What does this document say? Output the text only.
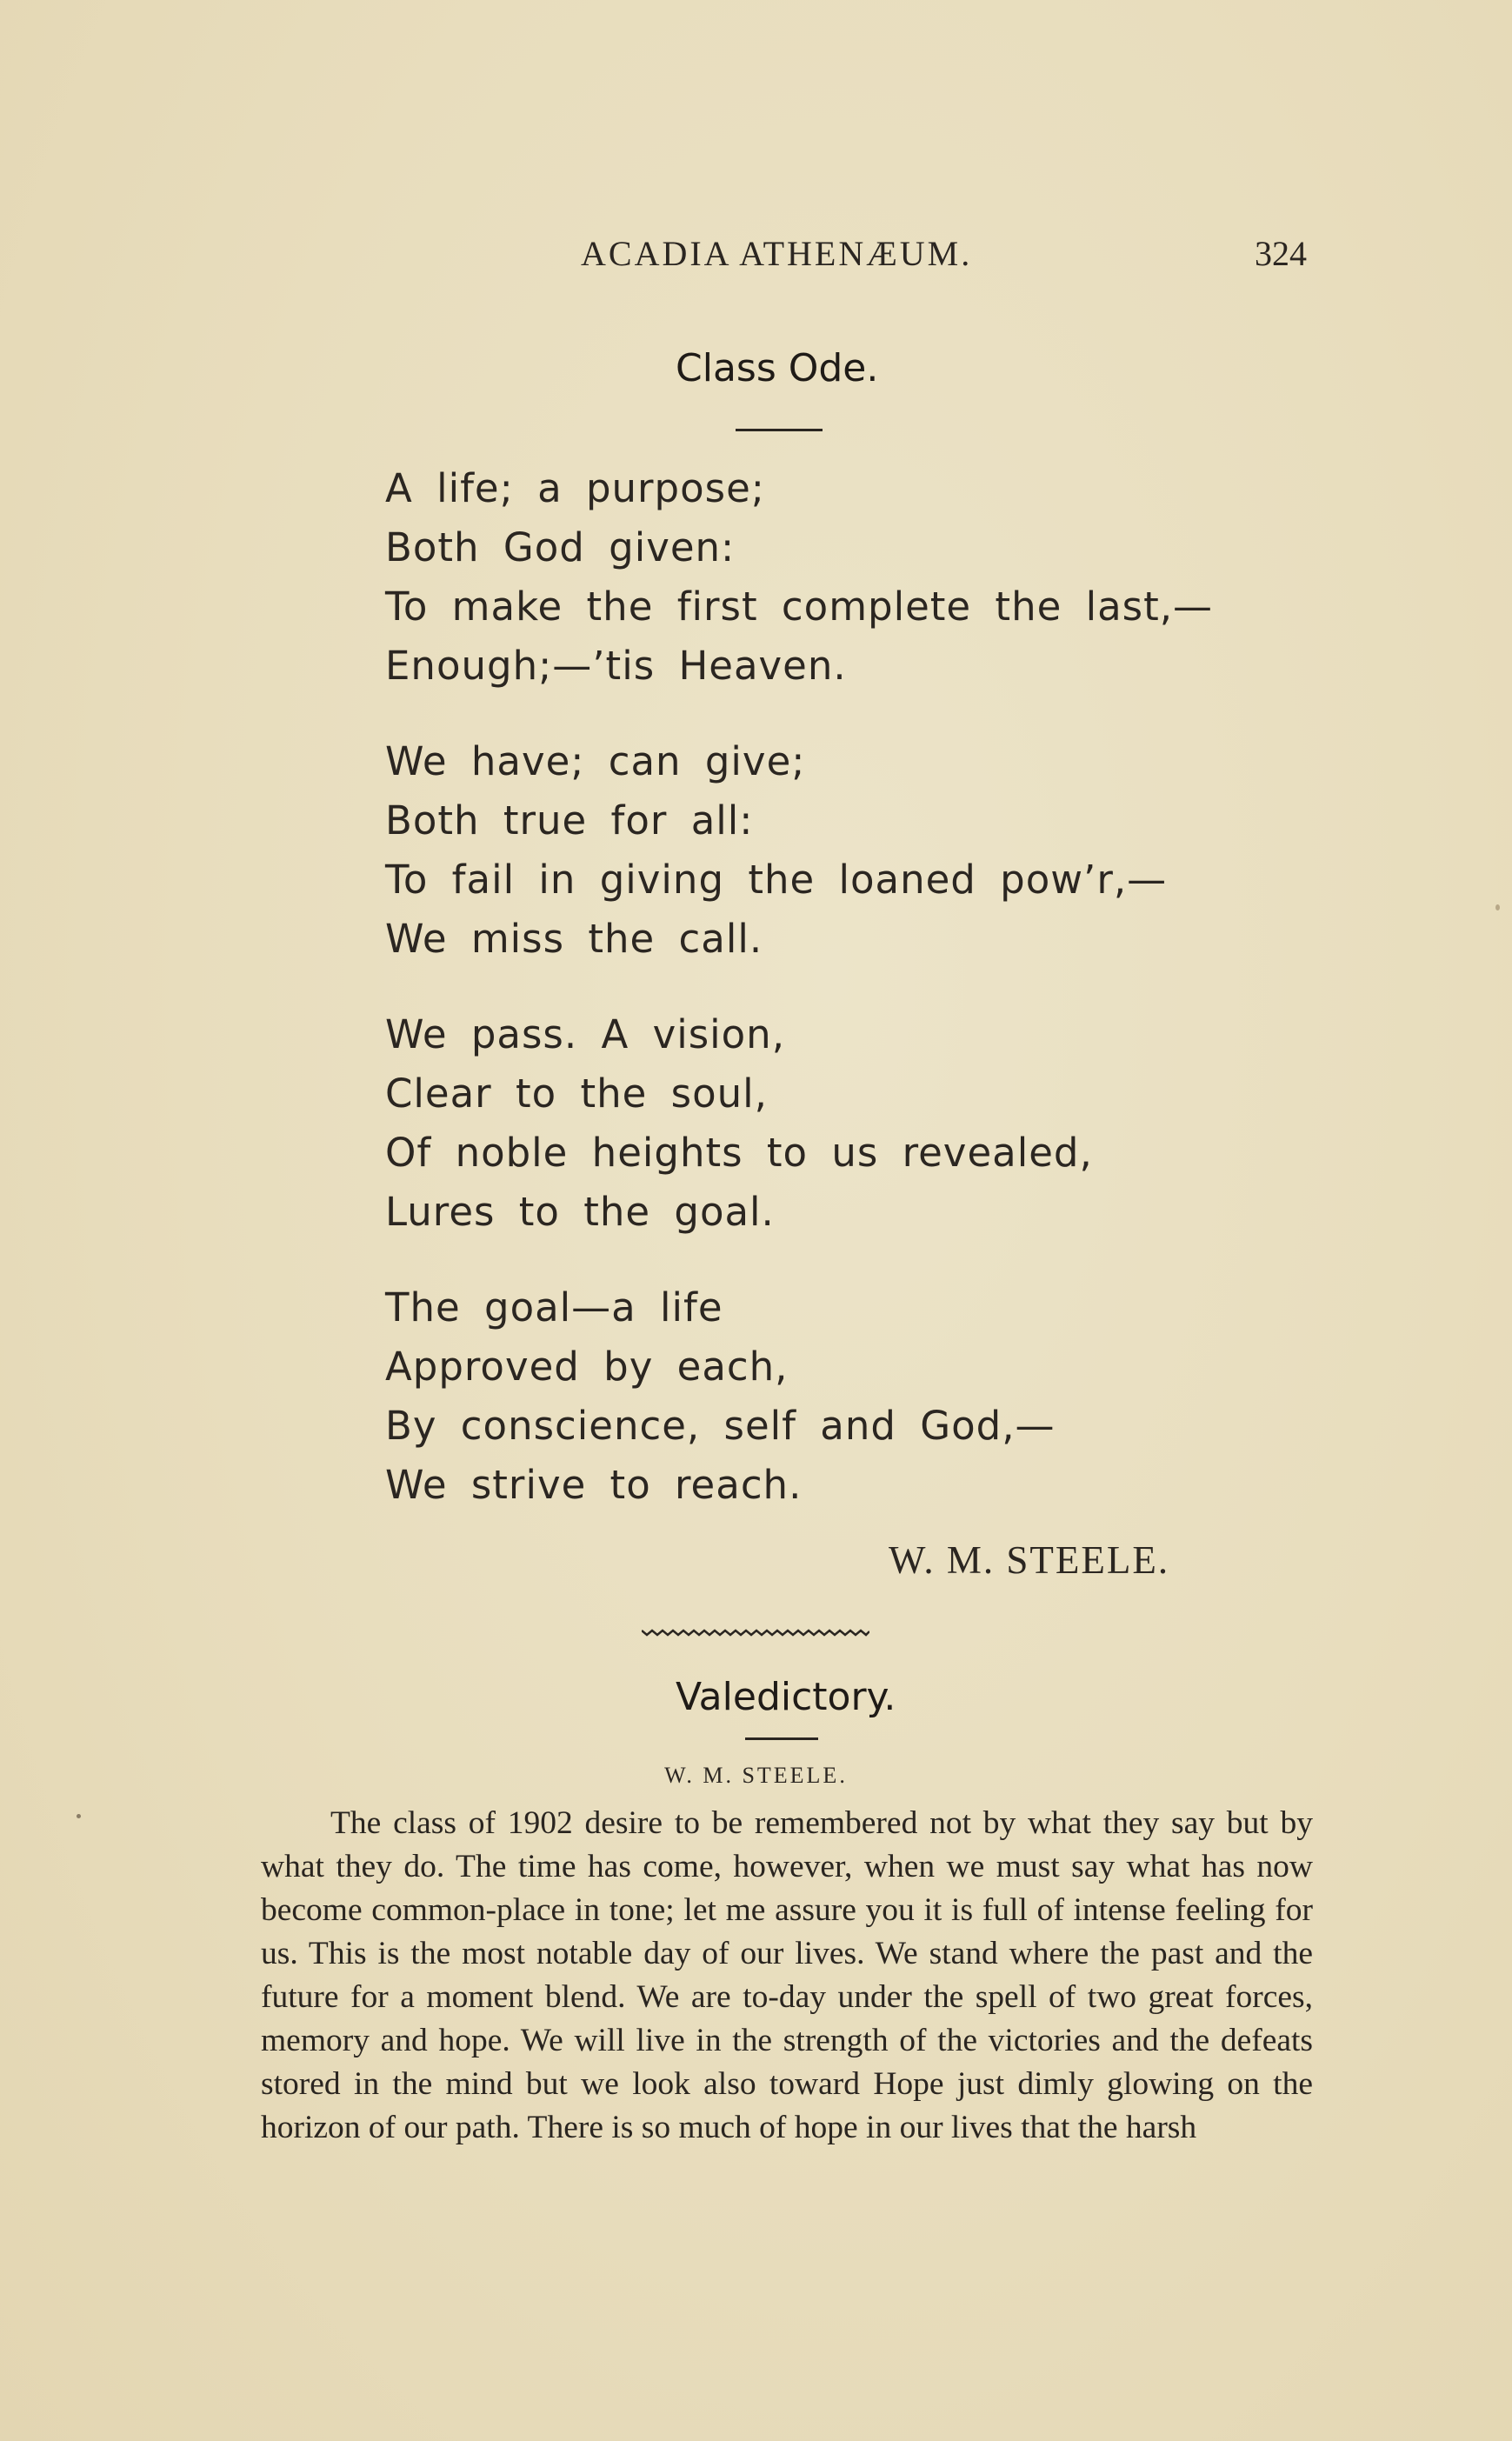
ACADIA ATHENÆUM.	324
Class Ode.
A life; a purpose;
Both God given:
To make the first complete the last,—
Enough;—’tis Heaven.
We have; can give;
Both true for all:
To fail in giving the loaned pow’r,—
We miss the call.
We pass. A vision,
Clear to the soul,
Of noble heights to us revealed,
Lures to the goal.
The goal—a life
Approved by each,
By conscience, self and God,—
We strive to reach.
W. M. STEELE.
Valedictory.
W. M. STEELE.
The class of 1902 desire to be remembered not by what they say but by what they do. The time has come, however, when we must say what has now become common-place in tone; let me assure you it is full of intense feeling for us. This is the most notable day of our lives. We stand where the past and the future for a moment blend. We are to-day under the spell of two great forces, memory and hope. We will live in the strength of the victories and the defeats stored in the mind but we look also toward Hope just dimly glowing on the horizon of our path. There is so much of hope in our lives that the harsh
